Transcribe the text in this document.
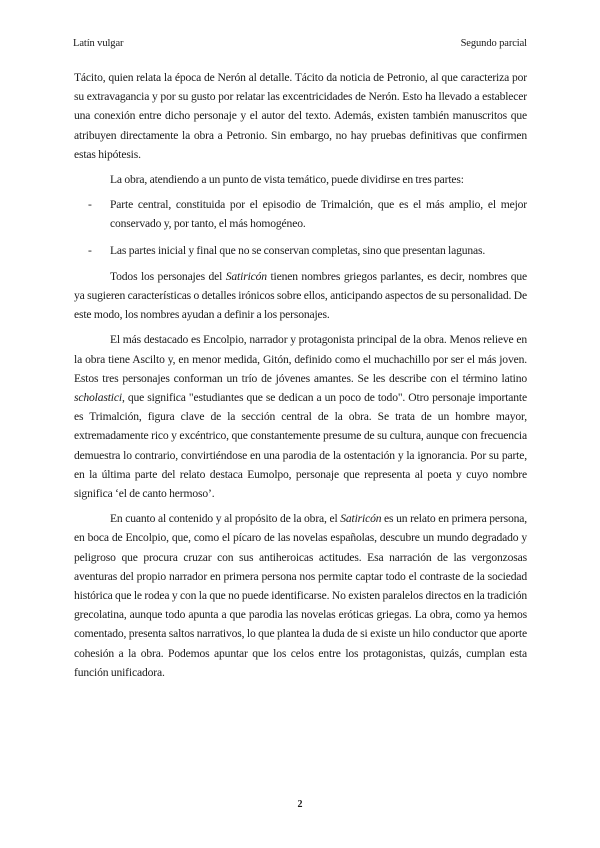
Latín vulgar	Segundo parcial

Tácito, quien relata la época de Nerón al detalle. Tácito da noticia de Petronio, al que caracteriza por su extravagancia y por su gusto por relatar las excentricidades de Nerón. Esto ha llevado a establecer una conexión entre dicho personaje y el autor del texto. Además, existen también manuscritos que atribuyen directamente la obra a Petronio. Sin embargo, no hay pruebas definitivas que confirmen estas hipótesis.

La obra, atendiendo a un punto de vista temático, puede dividirse en tres partes:

- Parte central, constituida por el episodio de Trimalción, que es el más amplio, el mejor conservado y, por tanto, el más homogéneo.
- Las partes inicial y final que no se conservan completas, sino que presentan lagunas.

Todos los personajes del Satiricón tienen nombres griegos parlantes, es decir, nombres que ya sugieren características o detalles irónicos sobre ellos, anticipando aspectos de su personalidad. De este modo, los nombres ayudan a definir a los personajes.

El más destacado es Encolpio, narrador y protagonista principal de la obra. Menos relieve en la obra tiene Ascilto y, en menor medida, Gitón, definido como el muchachillo por ser el más joven. Estos tres personajes conforman un trío de jóvenes amantes. Se les describe con el término latino scholastici, que significa "estudiantes que se dedican a un poco de todo". Otro personaje importante es Trimalción, figura clave de la sección central de la obra. Se trata de un hombre mayor, extremadamente rico y excéntrico, que constantemente presume de su cultura, aunque con frecuencia demuestra lo contrario, convirtiéndose en una parodia de la ostentación y la ignorancia. Por su parte, en la última parte del relato destaca Eumolpo, personaje que representa al poeta y cuyo nombre significa ‘el de canto hermoso’.

En cuanto al contenido y al propósito de la obra, el Satiricón es un relato en primera persona, en boca de Encolpio, que, como el pícaro de las novelas españolas, descubre un mundo degradado y peligroso que procura cruzar con sus antiheroicas actitudes. Esa narración de las vergonzosas aventuras del propio narrador en primera persona nos permite captar todo el contraste de la sociedad histórica que le rodea y con la que no puede identificarse. No existen paralelos directos en la tradición grecolatina, aunque todo apunta a que parodia las novelas eróticas griegas. La obra, como ya hemos comentado, presenta saltos narrativos, lo que plantea la duda de si existe un hilo conductor que aporte cohesión a la obra. Podemos apuntar que los celos entre los protagonistas, quizás, cumplan esta función unificadora.

2
